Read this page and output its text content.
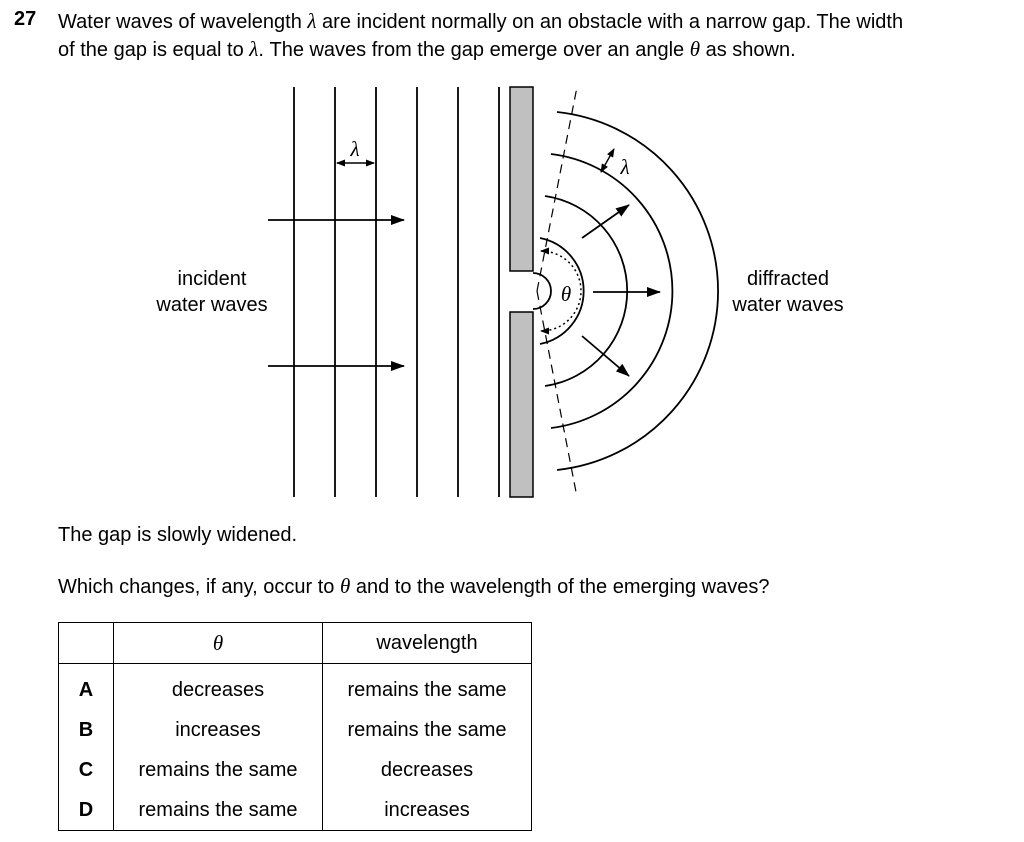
27 Water waves of wavelength λ are incident normally on an obstacle with a narrow gap. The width
of the gap is equal to λ. The waves from the gap emerge over an angle θ as shown.
λ
θ
λ
incident
water waves
diffracted
water waves
The gap is slowly widened.
Which changes, if any, occur to θ and to the wavelength of the emerging waves?
	θ	wavelength
A	decreases	remains the same
B	increases	remains the same
C	remains the same	decreases
D	remains the same	increases
